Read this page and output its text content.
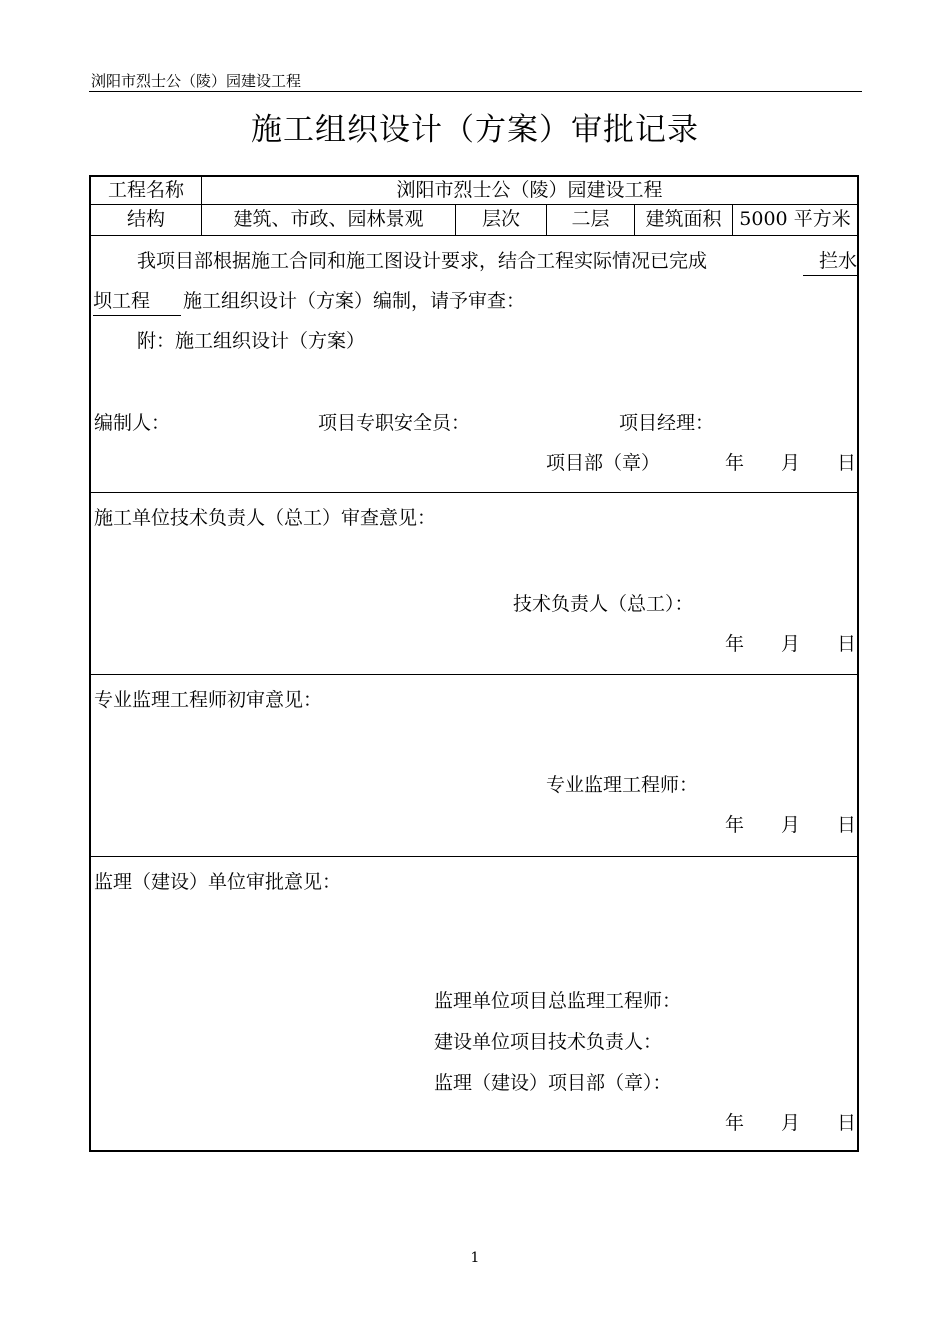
浏阳市烈士公（陵）园建设工程
施工组织设计（方案）审批记录
工程名称	浏阳市烈士公（陵）园建设工程
结构	建筑、市政、园林景观	层次	二层	建筑面积 5000 平方米
我项目部根据施工合同和施工图设计要求，结合工程实际情况已完成	拦水
坝工程	施工组织设计（方案）编制，请予审查：
附：施工组织设计（方案）
编制人：	项目专职安全员：	项目经理：
项目部（章）	年 月 日
施工单位技术负责人（总工）审查意见：
技术负责人（总工）：
年 月 日
专业监理工程师初审意见：
专业监理工程师：
年 月 日
监理（建设）单位审批意见：
监理单位项目总监理工程师：
建设单位项目技术负责人：
监理（建设）项目部（章）：
年 月 日
1
